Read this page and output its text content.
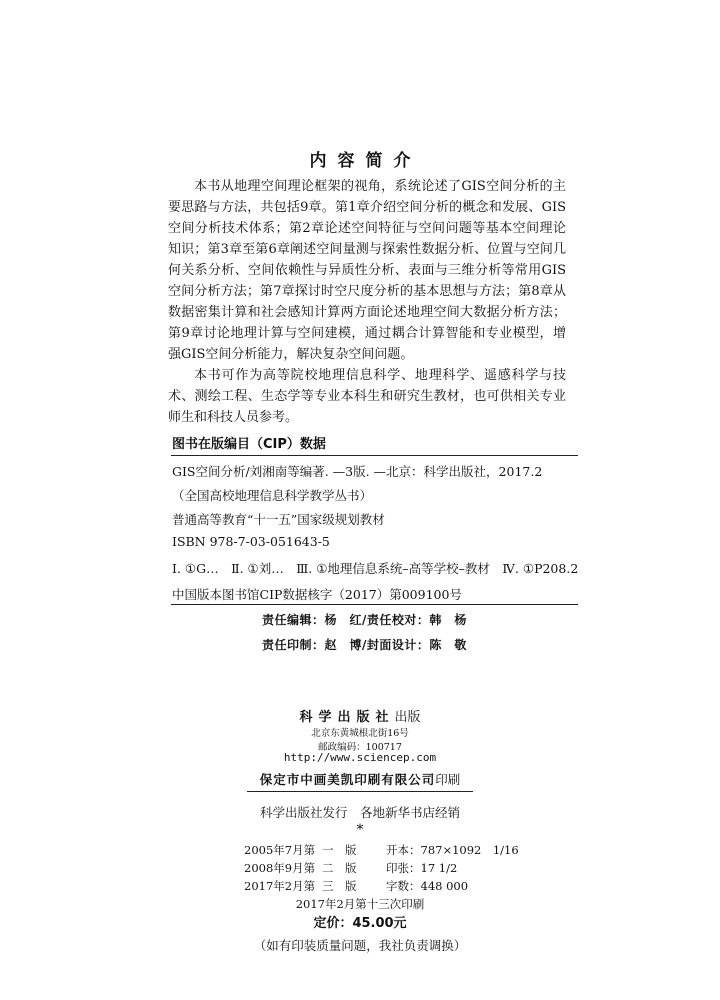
内容简介

本书从地理空间理论框架的视角，系统论述了GIS空间分析的主要思路与方法，共包括9章。第1章介绍空间分析的概念和发展、GIS空间分析技术体系；第2章论述空间特征与空间问题等基本空间理论知识；第3章至第6章阐述空间量测与探索性数据分析、位置与空间几何关系分析、空间依赖性与异质性分析、表面与三维分析等常用GIS空间分析方法；第7章探讨时空尺度分析的基本思想与方法；第8章从数据密集计算和社会感知计算两方面论述地理空间大数据分析方法；第9章讨论地理计算与空间建模，通过耦合计算智能和专业模型，增强GIS空间分析能力，解决复杂空间问题。

本书可作为高等院校地理信息科学、地理科学、遥感科学与技术、测绘工程、生态学等专业本科生和研究生教材，也可供相关专业师生和科技人员参考。

图书在版编目（CIP）数据
GIS空间分析/刘湘南等编著. —3版. —北京：科学出版社，2017.2
（全国高校地理信息科学教学丛书）
普通高等教育“十一五”国家级规划教材
ISBN 978-7-03-051643-5
Ⅰ. ①G…　Ⅱ. ①刘…　Ⅲ. ①地理信息系统–高等学校–教材　Ⅳ. ①P208.2
中国版本图书馆CIP数据核字（2017）第009100号
责任编辑：杨　红/责任校对：韩　杨
责任印制：赵　博/封面设计：陈　敬
科学出版社出版
北京东黄城根北街16号
邮政编码：100717
http://www.sciencep.com
保定市中画美凯印刷有限公司印刷
科学出版社发行　各地新华书店经销
*
2005年7月第 一　版	开本：787×1092　1/16
2008年9月第 二　版	印张：17 1/2
2017年2月第 三　版	字数：448 000
2017年2月第十三次印刷
定价：45.00元
（如有印装质量问题，我社负责调换）
